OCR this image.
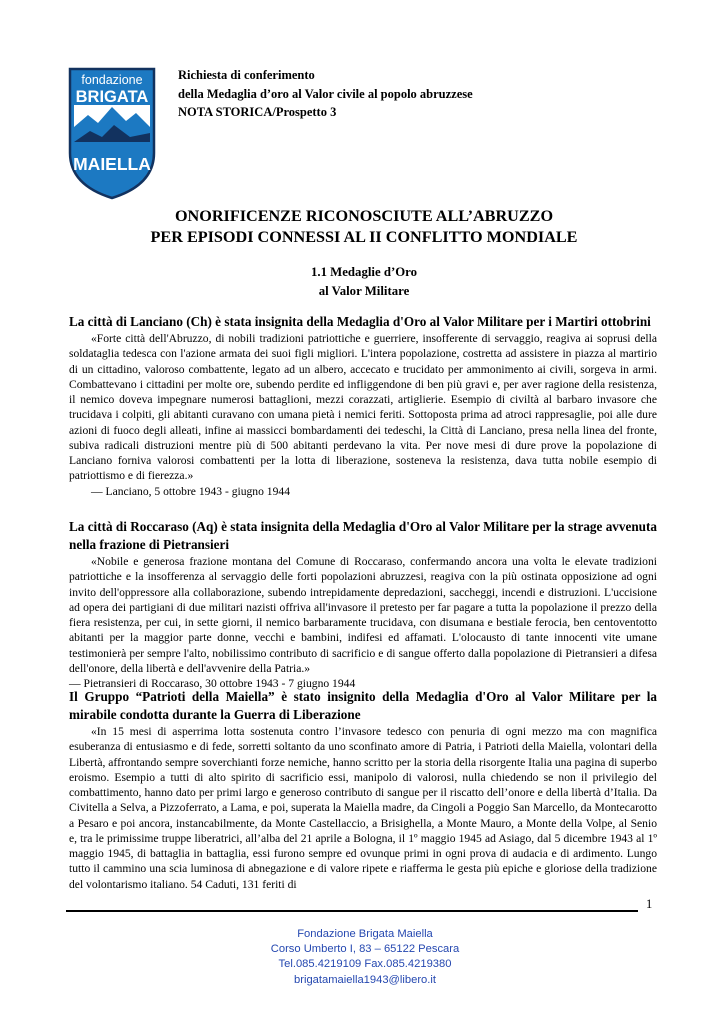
fondazione
BRIGATA
MAIELLA
Richiesta di conferimento
della Medaglia d’oro al Valor civile al popolo abruzzese
NOTA STORICA/Prospetto 3
ONORIFICENZE RICONOSCIUTE ALL’ABRUZZO
PER EPISODI CONNESSI AL II CONFLITTO MONDIALE
1.1 Medaglie d’Oro
al Valor Militare
La città di Lanciano (Ch) è stata insignita della Medaglia d'Oro al Valor Militare per i Martiri ottobrini

«Forte città dell'Abruzzo, di nobili tradizioni patriottiche e guerriere, insofferente di servaggio, reagiva ai soprusi della soldataglia tedesca con l'azione armata dei suoi figli migliori. L'intera popolazione, costretta ad assistere in piazza al martirio di un cittadino, valoroso combattente, legato ad un albero, accecato e trucidato per ammonimento ai civili, sorgeva in armi. Combattevano i cittadini per molte ore, subendo perdite ed infliggendone di ben più gravi e, per aver ragione della resistenza, il nemico doveva impegnare numerosi battaglioni, mezzi corazzati, artiglierie. Esempio di civiltà al barbaro invasore che trucidava i colpiti, gli abitanti curavano con umana pietà i nemici feriti. Sottoposta prima ad atroci rappresaglie, poi alle dure azioni di fuoco degli alleati, infine ai massicci bombardamenti dei tedeschi, la Città di Lanciano, presa nella linea del fronte, subiva radicali distruzioni mentre più di 500 abitanti perdevano la vita. Per nove mesi di dure prove la popolazione di Lanciano forniva valorosi combattenti per la lotta di liberazione, sosteneva la resistenza, dava tutta nobile esempio di patriottismo e di fierezza.»

— Lanciano, 5 ottobre 1943 - giugno 1944

La città di Roccaraso (Aq) è stata insignita della Medaglia d'Oro al Valor Militare per la strage avvenuta nella frazione di Pietransieri

«Nobile e generosa frazione montana del Comune di Roccaraso, confermando ancora una volta le elevate tradizioni patriottiche e la insofferenza al servaggio delle forti popolazioni abruzzesi, reagiva con la più ostinata opposizione ad ogni invito dell'oppressore alla collaborazione, subendo intrepidamente depredazioni, saccheggi, incendi e distruzioni. L'uccisione ad opera dei partigiani di due militari nazisti offriva all'invasore il pretesto per far pagare a tutta la popolazione il prezzo della fiera resistenza, per cui, in sette giorni, il nemico barbaramente trucidava, con disumana e bestiale ferocia, ben centoventotto abitanti per la maggior parte donne, vecchi e bambini, indifesi ed affamati. L'olocausto di tante innocenti vite umane testimonierà per sempre l'alto, nobilissimo contributo di sacrificio e di sangue offerto dalla popolazione di Pietransieri a difesa dell'onore, della libertà e dell'avvenire della Patria.»

— Pietransieri di Roccaraso, 30 ottobre 1943 - 7 giugno 1944

Il Gruppo “Patrioti della Maiella” è stato insignito della Medaglia d'Oro al Valor Militare per la mirabile condotta durante la Guerra di Liberazione

«In 15 mesi di asperrima lotta sostenuta contro l’invasore tedesco con penuria di ogni mezzo ma con magnifica esuberanza di entusiasmo e di fede, sorretti soltanto da uno sconfinato amore di Patria, i Patrioti della Maiella, volontari della Libertà, affrontando sempre soverchianti forze nemiche, hanno scritto per la storia della risorgente Italia una pagina di superbo eroismo. Esempio a tutti di alto spirito di sacrificio essi, manipolo di valorosi, nulla chiedendo se non il privilegio del combattimento, hanno dato per primi largo e generoso contributo di sangue per il riscatto dell’onore e della libertà d’Italia. Da Civitella a Selva, a Pizzoferrato, a Lama, e poi, superata la Maiella madre, da Cingoli a Poggio San Marcello, da Montecarotto a Pesaro e poi ancora, instancabilmente, da Monte Castellaccio, a Brisighella, a Monte Mauro, a Monte della Volpe, al Senio e, tra le primissime truppe liberatrici, all’alba del 21 aprile a Bologna, il 1º maggio 1945 ad Asiago, dal 5 dicembre 1943 al 1º maggio 1945, di battaglia in battaglia, essi furono sempre ed ovunque primi in ogni prova di audacia e di ardimento. Lungo tutto il cammino una scia luminosa di abnegazione e di valore ripete e riafferma le gesta più epiche e gloriose della tradizione del volontarismo italiano. 54 Caduti, 131 feriti di

1
Fondazione Brigata Maiella
Corso Umberto I, 83 – 65122 Pescara
Tel.085.4219109 Fax.085.4219380
brigatamaiella1943@libero.it
